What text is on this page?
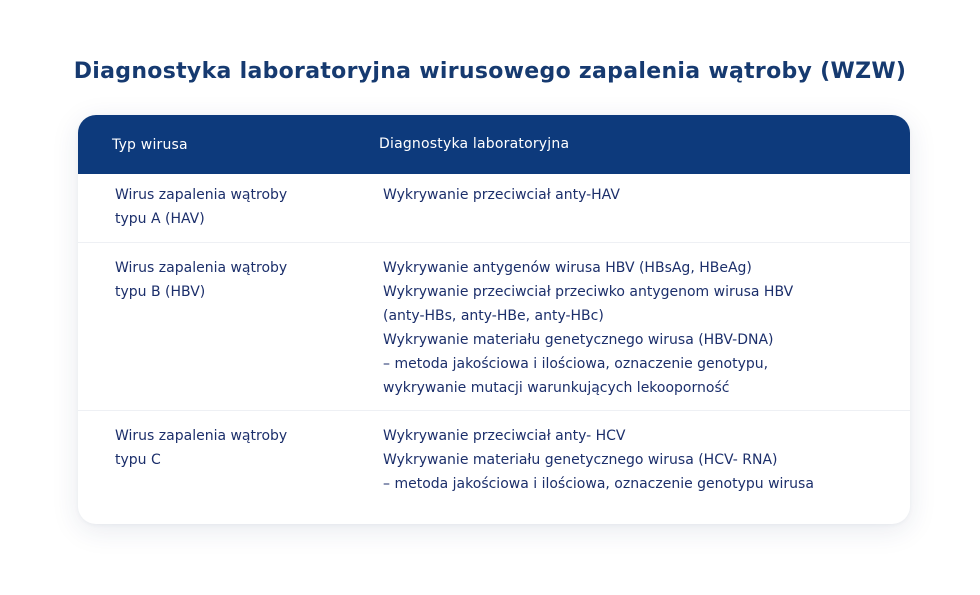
Diagnostyka laboratoryjna wirusowego zapalenia wątroby (WZW)
Typ wirusa	Diagnostyka laboratoryjna
Wirus zapalenia wątroby
typu A (HAV)
Wykrywanie przeciwciał anty-HAV
Wirus zapalenia wątroby
typu B (HBV)
Wykrywanie antygenów wirusa HBV (HBsAg, HBeAg)
Wykrywanie przeciwciał przeciwko antygenom wirusa HBV
(anty-HBs, anty-HBe, anty-HBc)
Wykrywanie materiału genetycznego wirusa (HBV-DNA)
– metoda jakościowa i ilościowa, oznaczenie genotypu,
wykrywanie mutacji warunkujących lekooporność
Wirus zapalenia wątroby
typu C
Wykrywanie przeciwciał anty- HCV
Wykrywanie materiału genetycznego wirusa (HCV- RNA)
– metoda jakościowa i ilościowa, oznaczenie genotypu wirusa
